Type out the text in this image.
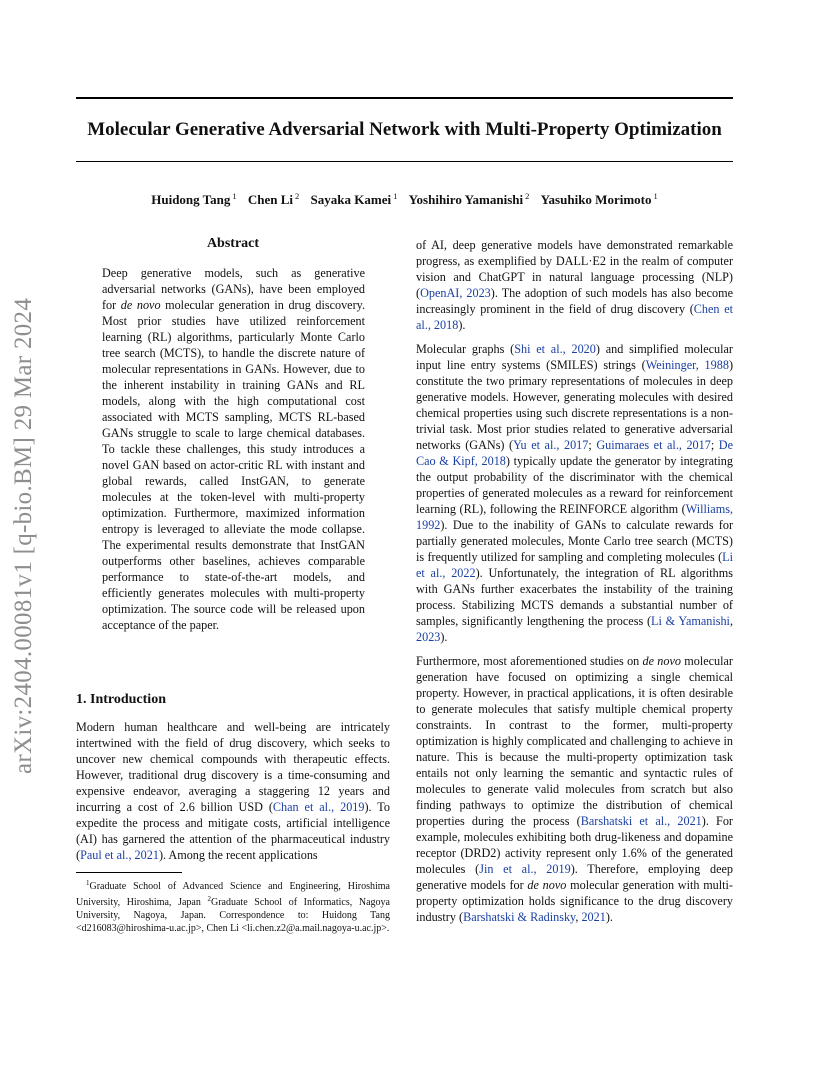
Molecular Generative Adversarial Network with Multi-Property Optimization
Huidong Tang $^1$ Chen Li $^2$ Sayaka Kamei $^1$ Yoshihiro Yamanishi $^2$ Yasuhiko Morimoto $^1$
arXiv:2404.00081v1 [q-bio.BM] 29 Mar 2024
Abstract

Deep generative models, such as generative adversarial networks (GANs), have been employed for de novo molecular generation in drug discovery. Most prior studies have utilized reinforcement learning (RL) algorithms, particularly Monte Carlo tree search (MCTS), to handle the discrete nature of molecular representations in GANs. However, due to the inherent instability in training GANs and RL models, along with the high computational cost associated with MCTS sampling, MCTS RL-based GANs struggle to scale to large chemical databases. To tackle these challenges, this study introduces a novel GAN based on actor-critic RL with instant and global rewards, called InstGAN, to generate molecules at the token-level with multi-property optimization. Furthermore, maximized information entropy is leveraged to alleviate the mode collapse. The experimental results demonstrate that InstGAN outperforms other baselines, achieves comparable performance to state-of-the-art models, and efficiently generates molecules with multi-property optimization. The source code will be released upon acceptance of the paper.

1. Introduction

Modern human healthcare and well-being are intricately intertwined with the field of drug discovery, which seeks to uncover new chemical compounds with therapeutic effects. However, traditional drug discovery is a time-consuming and expensive endeavor, averaging a staggering 12 years and incurring a cost of 2.6 billion USD (Chan et al., 2019). To expedite the process and mitigate costs, artificial intelligence (AI) has garnered the attention of the pharmaceutical industry (Paul et al., 2021). Among the recent applications

$^1$Graduate School of Advanced Science and Engineering, Hiroshima University, Hiroshima, Japan $^2$Graduate School of Informatics, Nagoya University, Nagoya, Japan. Correspondence to: Huidong Tang <d216083@hiroshima-u.ac.jp>, Chen Li <li.chen.z2@a.mail.nagoya-u.ac.jp>.

of AI, deep generative models have demonstrated remarkable progress, as exemplified by DALL·E2 in the realm of computer vision and ChatGPT in natural language processing (NLP) (OpenAI, 2023). The adoption of such models has also become increasingly prominent in the field of drug discovery (Chen et al., 2018).

Molecular graphs (Shi et al., 2020) and simplified molecular input line entry systems (SMILES) strings (Weininger, 1988) constitute the two primary representations of molecules in deep generative models. However, generating molecules with desired chemical properties using such discrete representations is a non-trivial task. Most prior studies related to generative adversarial networks (GANs) (Yu et al., 2017; Guimaraes et al., 2017; De Cao & Kipf, 2018) typically update the generator by integrating the output probability of the discriminator with the chemical properties of generated molecules as a reward for reinforcement learning (RL), following the REINFORCE algorithm (Williams, 1992). Due to the inability of GANs to calculate rewards for partially generated molecules, Monte Carlo tree search (MCTS) is frequently utilized for sampling and completing molecules (Li et al., 2022). Unfortunately, the integration of RL algorithms with GANs further exacerbates the instability of the training process. Stabilizing MCTS demands a substantial number of samples, significantly lengthening the process (Li & Yamanishi, 2023).

Furthermore, most aforementioned studies on de novo molecular generation have focused on optimizing a single chemical property. However, in practical applications, it is often desirable to generate molecules that satisfy multiple chemical property constraints. In contrast to the former, multi-property optimization is highly complicated and challenging to achieve in nature. This is because the multi-property optimization task entails not only learning the semantic and syntactic rules of molecules to generate valid molecules from scratch but also finding pathways to optimize the distribution of chemical properties during the process (Barshatski et al., 2021). For example, molecules exhibiting both drug-likeness and dopamine receptor (DRD2) activity represent only 1.6% of the generated molecules (Jin et al., 2019). Therefore, employing deep generative models for de novo molecular generation with multi-property optimization holds significance to the drug discovery industry (Barshatski & Radinsky, 2021).
